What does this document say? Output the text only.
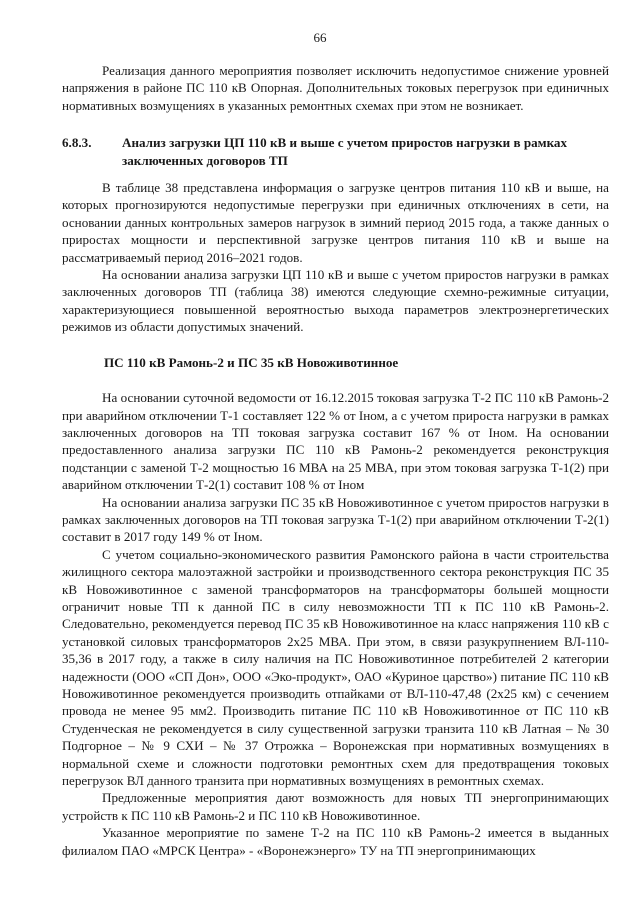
66

Реализация данного мероприятия позволяет исключить недопустимое снижение уровней напряжения в районе ПС 110 кВ Опорная. Дополнительных токовых перегрузок при единичных нормативных возмущениях в указанных ремонтных схемах при этом не возникает.

6.8.3.	Анализ загрузки ЦП 110 кВ и выше с учетом приростов нагрузки в рамках заключенных договоров ТП

В таблице 38 представлена информация о загрузке центров питания 110 кВ и выше, на которых прогнозируются недопустимые перегрузки при единичных отключениях в сети, на основании данных контрольных замеров нагрузок в зимний период 2015 года, а также данных о приростах мощности и перспективной загрузке центров питания 110 кВ и выше на рассматриваемый период 2016–2021 годов.

На основании анализа загрузки ЦП 110 кВ и выше с учетом приростов нагрузки в рамках заключенных договоров ТП (таблица 38) имеются следующие схемно-режимные ситуации, характеризующиеся повышенной вероятностью выхода параметров электроэнергетических режимов из области допустимых значений.

ПС 110 кВ Рамонь-2 и ПС 35 кВ Новоживотинное

На основании суточной ведомости от 16.12.2015 токовая загрузка Т-2 ПС 110 кВ Рамонь-2 при аварийном отключении Т-1 составляет 122 % от Iном, а с учетом прироста нагрузки в рамках заключенных договоров на ТП токовая загрузка составит 167 % от Iном. На основании предоставленного анализа загрузки ПС 110 кВ Рамонь-2 рекомендуется реконструкция подстанции с заменой Т-2 мощностью 16 МВА на 25 МВА, при этом токовая загрузка Т-1(2) при аварийном отключении Т-2(1) составит 108 % от Iном

На основании анализа загрузки ПС 35 кВ Новоживотинное с учетом приростов нагрузки в рамках заключенных договоров на ТП токовая загрузка Т-1(2) при аварийном отключении Т-2(1) составит в 2017 году 149 % от Iном.

С учетом социально-экономического развития Рамонского района в части строительства жилищного сектора малоэтажной застройки и производственного сектора реконструкция ПС 35 кВ Новоживотинное с заменой трансформаторов на трансформаторы большей мощности ограничит новые ТП к данной ПС в силу невозможности ТП к ПС 110 кВ Рамонь-2. Следовательно, рекомендуется перевод ПС 35 кВ Новоживотинное на класс напряжения 110 кВ с установкой силовых трансформаторов 2х25 МВА. При этом, в связи разукрупнением ВЛ-110-35,36 в 2017 году, а также в силу наличия на ПС Новоживотинное потребителей 2 категории надежности (ООО «СП Дон», ООО «Эко-продукт», ОАО «Куриное царство») питание ПС 110 кВ Новоживотинное рекомендуется производить отпайками от ВЛ-110-47,48 (2х25 км) с сечением провода не менее 95 мм2. Производить питание ПС 110 кВ Новоживотинное от ПС 110 кВ Студенческая не рекомендуется в силу существенной загрузки транзита 110 кВ Латная – № 30 Подгорное – № 9 СХИ – № 37 Отрожка – Воронежская при нормативных возмущениях в нормальной схеме и сложности подготовки ремонтных схем для предотвращения токовых перегрузок ВЛ данного транзита при нормативных возмущениях в ремонтных схемах.

Предложенные мероприятия дают возможность для новых ТП энергопринимающих устройств к ПС 110 кВ Рамонь-2 и ПС 110 кВ Новоживотинное.

Указанное мероприятие по замене Т-2 на ПС 110 кВ Рамонь-2 имеется в выданных филиалом ПАО «МРСК Центра» - «Воронежэнерго» ТУ на ТП энергопринимающих
